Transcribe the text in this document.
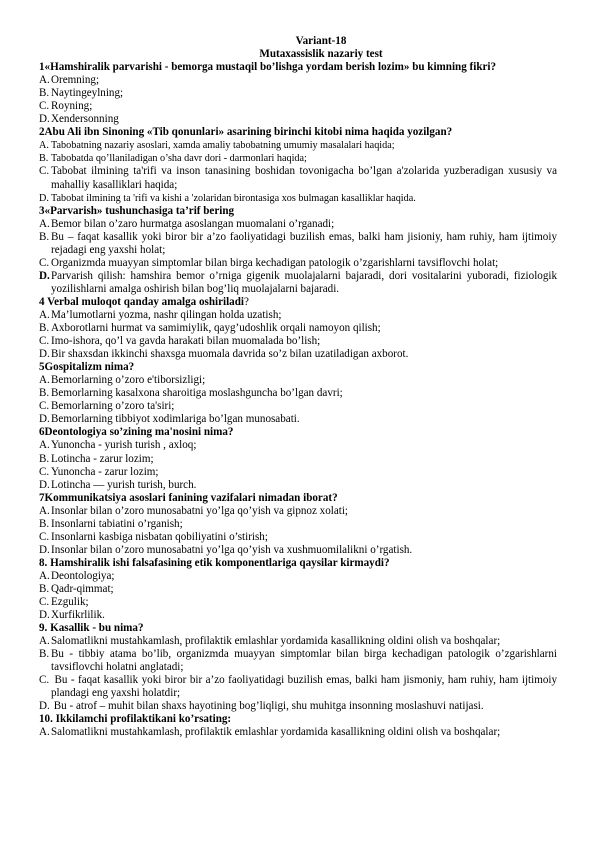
Variant-18
Mutaxassislik nazariy test
1«Hamshiralik parvarishi - bemorga mustaqil bo’lishga yordam berish lozim» bu kimning fikri?
A.Oremning;
B. Naytingeylning;
C. Royning;
D.Xendersonning
2Abu Ali ibn Sinoning «Tib qonunlari» asarining birinchi kitobi nima haqida yozilgan?
A. Tabobatning nazariy asoslari, xamda amaliy tabobatning umumiy masalalari haqida;
B. Tabobatda qo’llaniladigan o’sha davr dori - darmonlari haqida;
C. Tabobat ilmining ta'rifi va inson tanasining boshidan tovonigacha bo’lgan a'zolarida yuzberadigan xususiy va mahalliy kasalliklari haqida;
D. Tabobat ilmining ta 'rifi va kishi a 'zolaridan birontasiga xos bulmagan kasalliklar haqida.
3«Parvarish» tushunchasiga ta’rif bering
A.Bemor bilan o’zaro hurmatga asoslangan muomalani o’rganadi;
B. Bu – faqat kasallik yoki biror bir a’zo faoliyatidagi buzilish emas, balki ham jisioniy, ham ruhiy, ham ijtimoiy rejadagi eng yaxshi holat;
C. Organizmda muayyan simptomlar bilan birga kechadigan patologik o’zgarishlarni tavsiflovchi holat;
D.Parvarish qilish: hamshira bemor o’rniga gigenik muolajalarni bajaradi, dori vositalarini yuboradi, fiziologik yozilishlarni amalga oshirish bilan bog’liq muolajalarni bajaradi.
4 Verbal muloqot qanday amalga oshiriladi?
A.Ma’lumotlarni yozma, nashr qilingan holda uzatish;
B. Axborotlarni hurmat va samimiylik, qayg’udoshlik orqali namoyon qilish;
C. Imo-ishora, qo’l va gavda harakati bilan muomalada bo’lish;
D.Bir shaxsdan ikkinchi shaxsga muomala davrida so’z bilan uzatiladigan axborot.
5Gospitalizm nima?
A.Bemorlarning o’zoro e'tiborsizligi;
B. Bemorlarning kasalxona sharoitiga moslashguncha bo’lgan davri;
C. Bemorlarning o’zoro ta'siri;
D.Bemorlarning tibbiyot xodimlariga bo’lgan munosabati.
6Deontologiya so’zining ma'nosini nima?
A.Yunoncha - yurish turish , axloq;
B. Lotincha - zarur lozim;
C. Yunoncha - zarur lozim;
D.Lotincha — yurish turish, burch.
7Kommunikatsiya asoslari fanining vazifalari nimadan iborat?
A.Insonlar bilan o’zoro munosabatni yo’lga qo’yish va gipnoz xolati;
B. Insonlarni tabiatini o’rganish;
C. Insonlarni kasbiga nisbatan qobiliyatini o’stirish;
D.Insonlar bilan o’zoro munosabatni yo’lga qo’yish va xushmuomilalikni o’rgatish.
8. Hamshiralik ishi falsafasining etik komponentlariga qaysilar kirmaydi?
A.Deontologiya;
B. Qadr-qimmat;
C. Ezgulik;
D.Xurfikrlilik.
9. Kasallik - bu nima?
A.Salomatlikni mustahkamlash, profilaktik emlashlar yordamida kasallikning oldini olish va boshqalar;
B. Bu - tibbiy atama bo’lib, organizmda muayyan simptomlar bilan birga kechadigan patologik o’zgarishlarni tavsiflovchi holatni anglatadi;
C. Bu - faqat kasallik yoki biror bir a’zo faoliyatidagi buzilish emas, balki ham jismoniy, ham ruhiy, ham ijtimoiy plandagi eng yaxshi holatdir;
D. Bu - atrof – muhit bilan shaxs hayotining bog’liqligi, shu muhitga insonning moslashuvi natijasi.
10. Ikkilamchi profilaktikani ko’rsating:
A.Salomatlikni mustahkamlash, profilaktik emlashlar yordamida kasallikning oldini olish va boshqalar;
